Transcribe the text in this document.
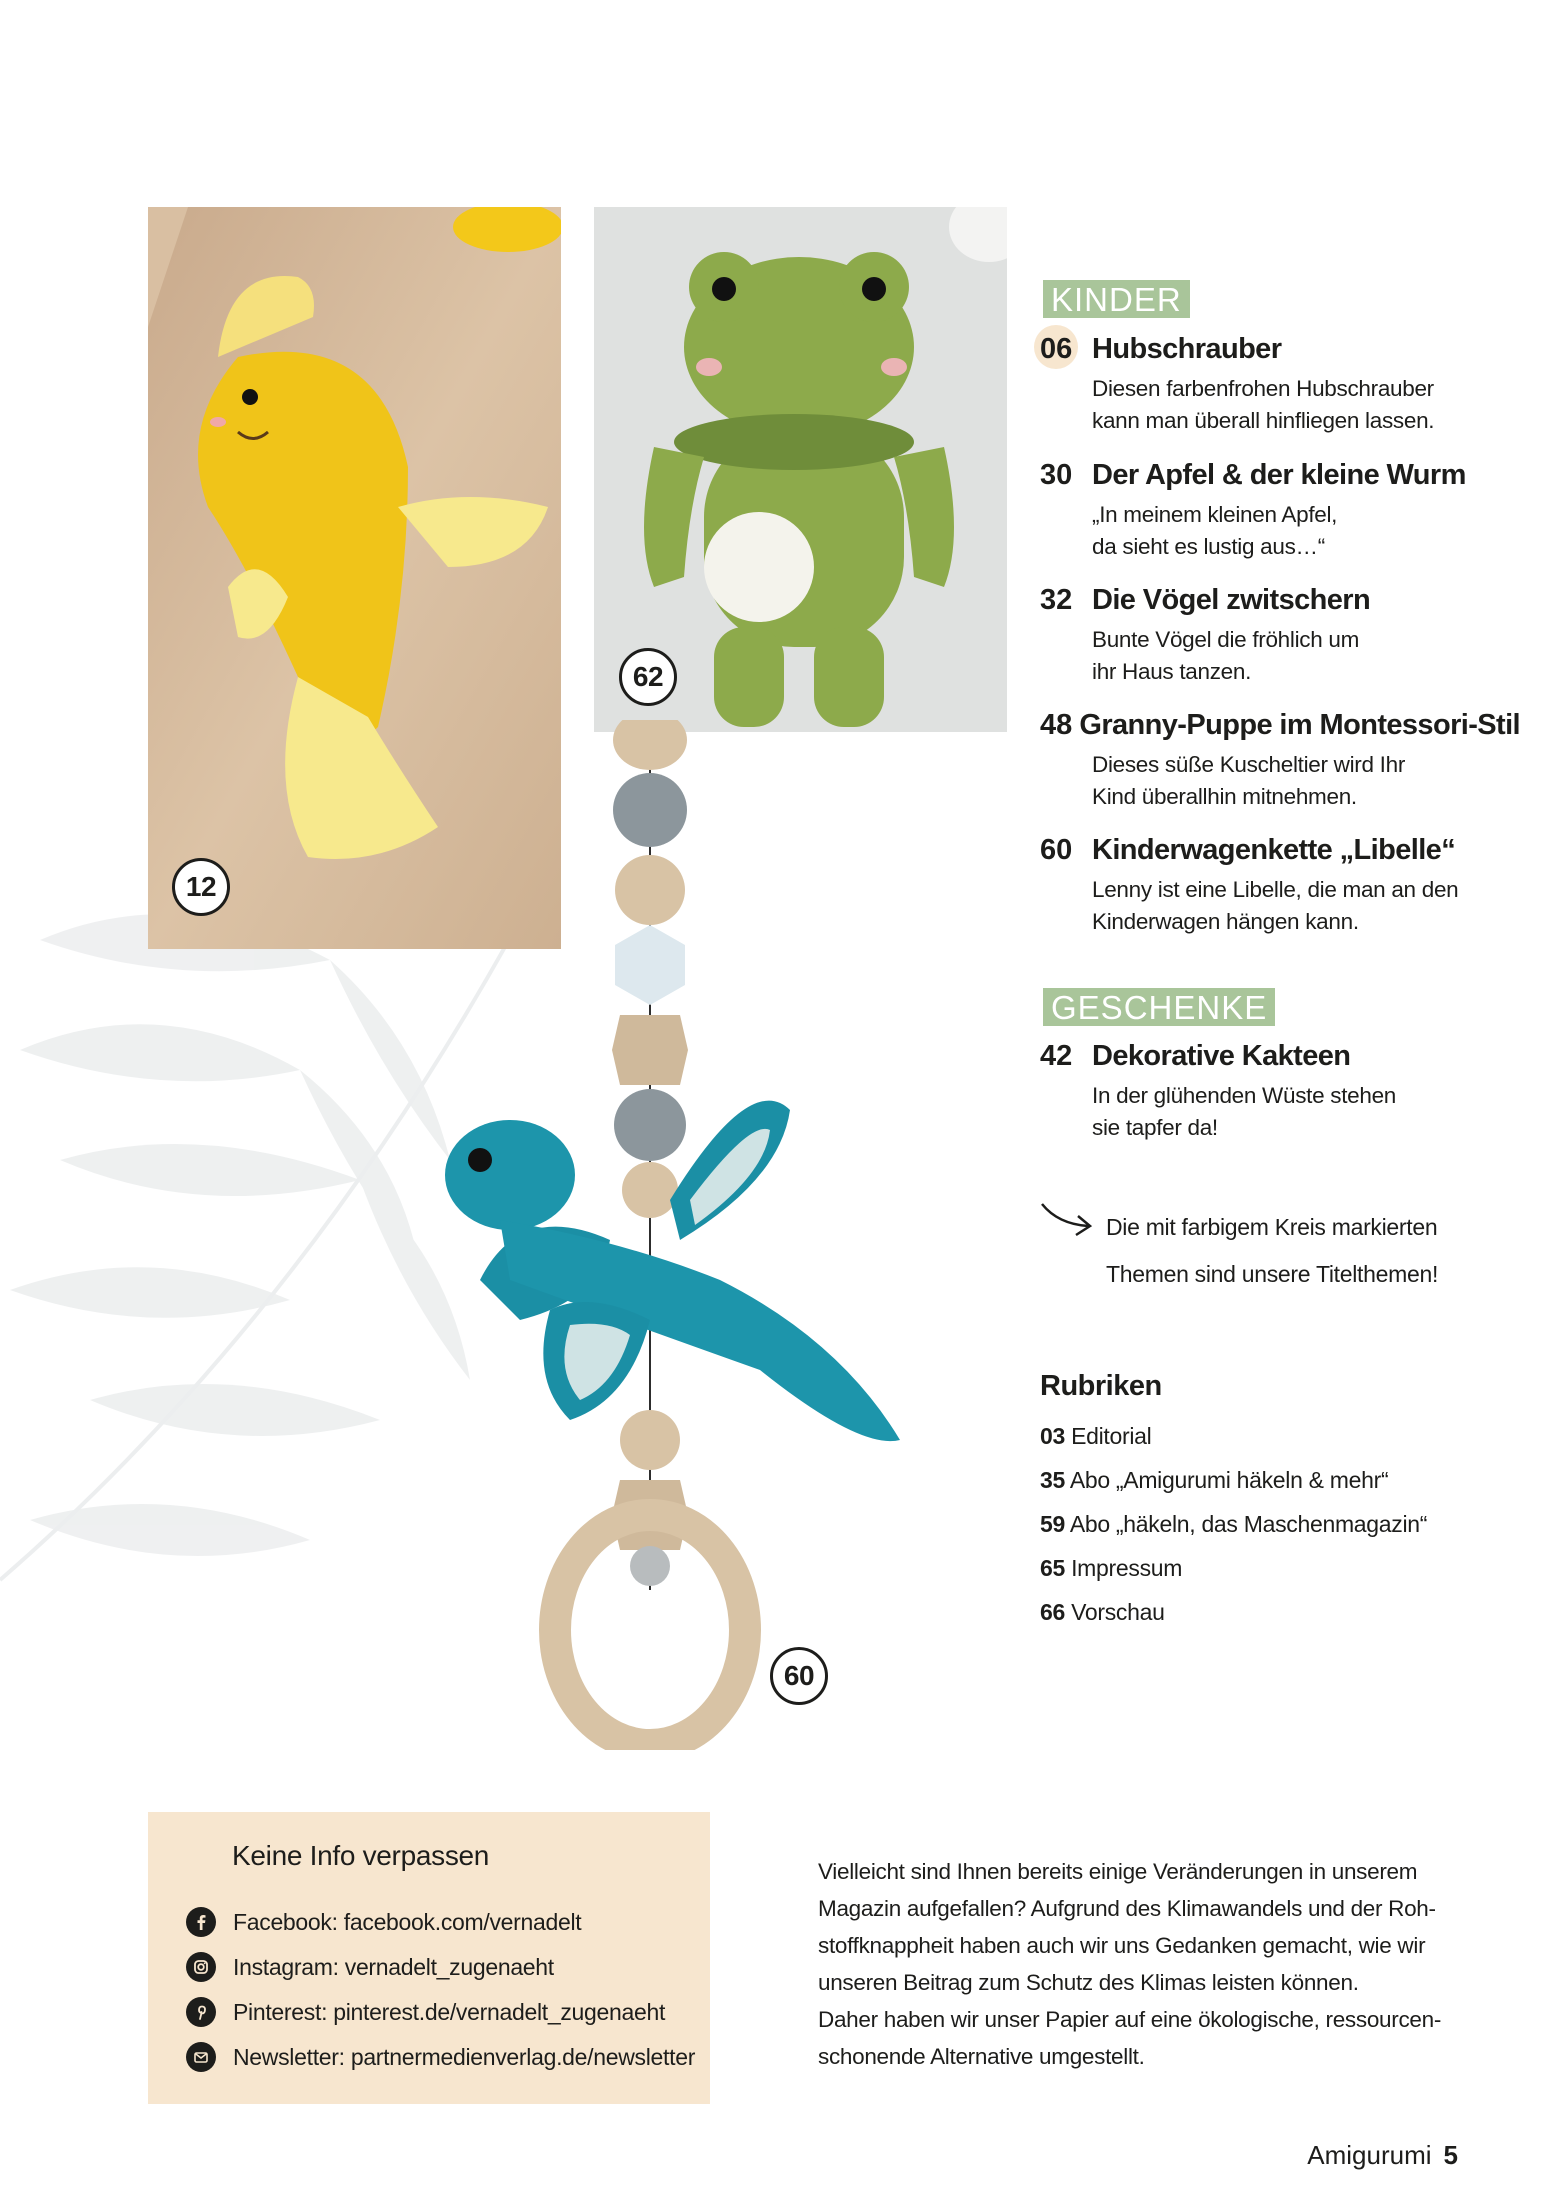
12
62
60
KINDER
GESCHENKE
06 Hubschrauber
Diesen farbenfrohen Hubschrauber
kann man überall hinfliegen lassen.
30 Der Apfel & der kleine Wurm
„In meinem kleinen Apfel,
da sieht es lustig aus…“
32 Die Vögel zwitschern
Bunte Vögel die fröhlich um
ihr Haus tanzen.
48 Granny-Puppe im Montessori-Stil
Dieses süße Kuscheltier wird Ihr
Kind überallhin mitnehmen.
60 Kinderwagenkette „Libelle“
Lenny ist eine Libelle, die man an den
Kinderwagen hängen kann.
42 Dekorative Kakteen
In der glühenden Wüste stehen
sie tapfer da!
Die mit farbigem Kreis markierten
Themen sind unsere Titelthemen!
Rubriken
03 Editorial
35 Abo „Amigurumi häkeln & mehr“
59 Abo „häkeln, das Maschenmagazin“
65 Impressum
66 Vorschau
Keine Info verpassen
Facebook: facebook.com/vernadelt
Instagram: vernadelt_zugenaeht
Pinterest: pinterest.de/vernadelt_zugenaeht
Newsletter: partnermedienverlag.de/newsletter
Vielleicht sind Ihnen bereits einige Veränderungen in unserem
Magazin aufgefallen? Aufgrund des Klimawandels und der Roh-
stoffknappheit haben auch wir uns Gedanken gemacht, wie wir
unseren Beitrag zum Schutz des Klimas leisten können.
Daher haben wir unser Papier auf eine ökologische, ressourcen-
schonende Alternative umgestellt.
Amigurumi 5
